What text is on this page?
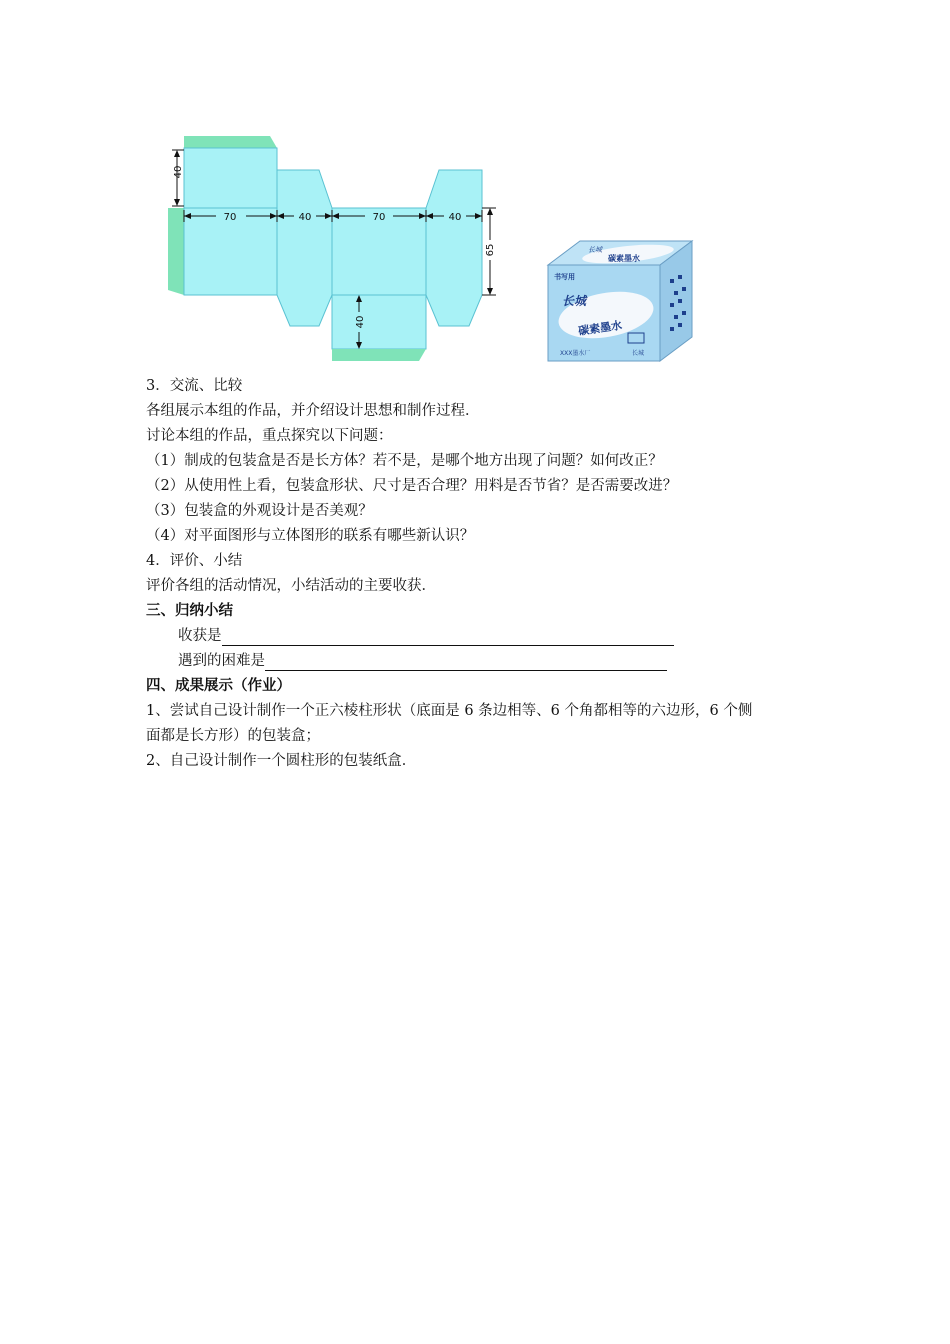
40
70	40	70	40
65
40
长城
碳素墨水
书写用
长城
碳素墨水
XXX墨水厂	长城
3．交流、比较
各组展示本组的作品，并介绍设计思想和制作过程．
讨论本组的作品，重点探究以下问题：
（1）制成的包装盒是否是长方体？若不是，是哪个地方出现了问题？如何改正？
（2）从使用性上看，包装盒形状、尺寸是否合理？用料是否节省？是否需要改进？
（3）包装盒的外观设计是否美观？
（4）对平面图形与立体图形的联系有哪些新认识？
4．评价、小结
评价各组的活动情况，小结活动的主要收获．
三、归纳小结
收获是
遇到的困难是
四、成果展示（作业）
1、尝试自己设计制作一个正六棱柱形状（底面是 6 条边相等、6 个角都相等的六边形，6 个侧
面都是长方形）的包装盒；
2、自己设计制作一个圆柱形的包装纸盒．
